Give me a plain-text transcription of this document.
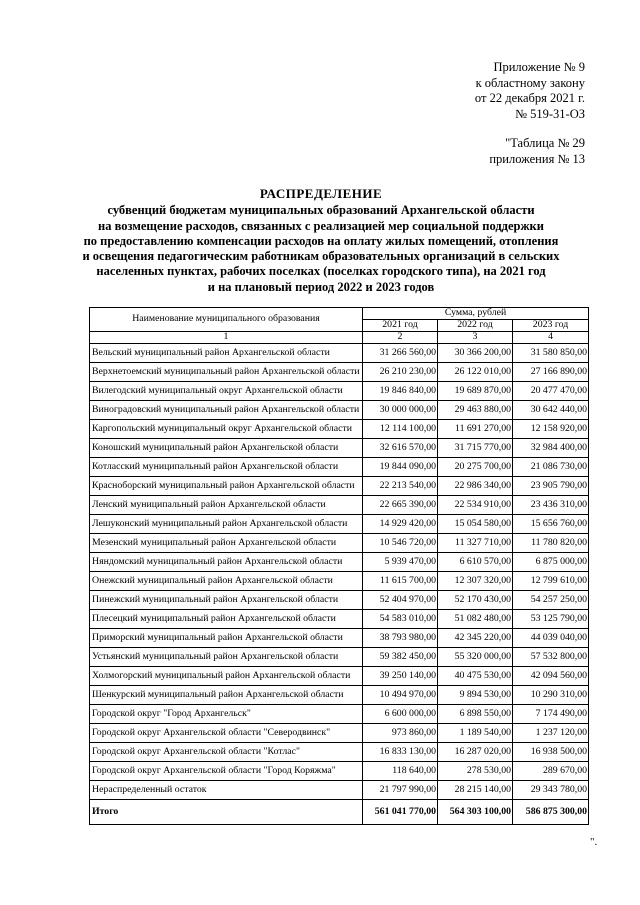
Приложение № 9
к областному закону
от 22 декабря 2021 г.
№ 519-31-ОЗ
"Таблица № 29
приложения № 13
РАСПРЕДЕЛЕНИЕ
субвенций бюджетам муниципальных образований Архангельской области
на возмещение расходов, связанных с реализацией мер социальной поддержки
по предоставлению компенсации расходов на оплату жилых помещений, отопления
и освещения педагогическим работникам образовательных организаций в сельских
населенных пунктах, рабочих поселках (поселках городского типа), на 2021 год
и на плановый период 2022 и 2023 годов
Наименование муниципального образования	Сумма, рублей		
	2021 год	2022 год	2023 год
1	2	3	4
Вельский муниципальный район Архангельской области	31 266 560,00	30 366 200,00	31 580 850,00
Верхнетоемский муниципальный район Архангельской области	26 210 230,00	26 122 010,00	27 166 890,00
Вилегодский муниципальный округ Архангельской области	19 846 840,00	19 689 870,00	20 477 470,00
Виноградовский муниципальный район Архангельской области	30 000 000,00	29 463 880,00	30 642 440,00
Каргопольский муниципальный округ Архангельской области	12 114 100,00	11 691 270,00	12 158 920,00
Коношский муниципальный район Архангельской области	32 616 570,00	31 715 770,00	32 984 400,00
Котласский муниципальный район Архангельской области	19 844 090,00	20 275 700,00	21 086 730,00
Красноборский муниципальный район Архангельской области	22 213 540,00	22 986 340,00	23 905 790,00
Ленский муниципальный район Архангельской области	22 665 390,00	22 534 910,00	23 436 310,00
Лешуконский муниципальный район Архангельской области	14 929 420,00	15 054 580,00	15 656 760,00
Мезенский муниципальный район Архангельской области	10 546 720,00	11 327 710,00	11 780 820,00
Няндомский муниципальный район Архангельской области	5 939 470,00	6 610 570,00	6 875 000,00
Онежский муниципальный район Архангельской области	11 615 700,00	12 307 320,00	12 799 610,00
Пинежский муниципальный район Архангельской области	52 404 970,00	52 170 430,00	54 257 250,00
Плесецкий муниципальный район Архангельской области	54 583 010,00	51 082 480,00	53 125 790,00
Приморский муниципальный район Архангельской области	38 793 980,00	42 345 220,00	44 039 040,00
Устьянский муниципальный район Архангельской области	59 382 450,00	55 320 000,00	57 532 800,00
Холмогорский муниципальный район Архангельской области	39 250 140,00	40 475 530,00	42 094 560,00
Шенкурский муниципальный район Архангельской области	10 494 970,00	9 894 530,00	10 290 310,00
Городской округ "Город Архангельск"	6 600 000,00	6 898 550,00	7 174 490,00
Городской округ Архангельской области "Северодвинск"	973 860,00	1 189 540,00	1 237 120,00
Городской округ Архангельской области "Котлас"	16 833 130,00	16 287 020,00	16 938 500,00
Городской округ Архангельской области "Город Коряжма"	118 640,00	278 530,00	289 670,00
Нераспределенный остаток	21 797 990,00	28 215 140,00	29 343 780,00
Итого	561 041 770,00	564 303 100,00	586 875 300,00
".
